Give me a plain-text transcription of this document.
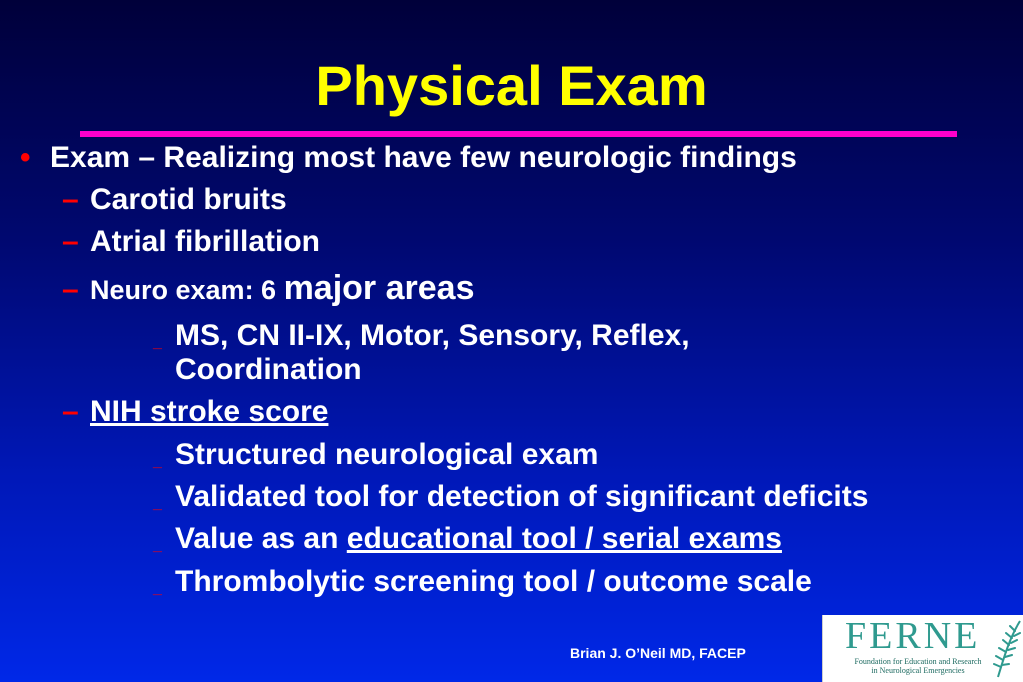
Physical Exam
• Exam – Realizing most have few neurologic findings
– Carotid bruits
– Atrial fibrillation
– Neuro exam: 6 major areas
_ MS, CN II-IX, Motor, Sensory, Reflex,
Coordination
– NIH stroke score
_ Structured neurological exam
_ Validated tool for detection of significant deficits
_ Value as an educational tool / serial exams
_ Thrombolytic screening tool / outcome scale
Brian J. O’Neil MD, FACEP	FERNE
Foundation for Education and Research
in Neurological Emergencies
